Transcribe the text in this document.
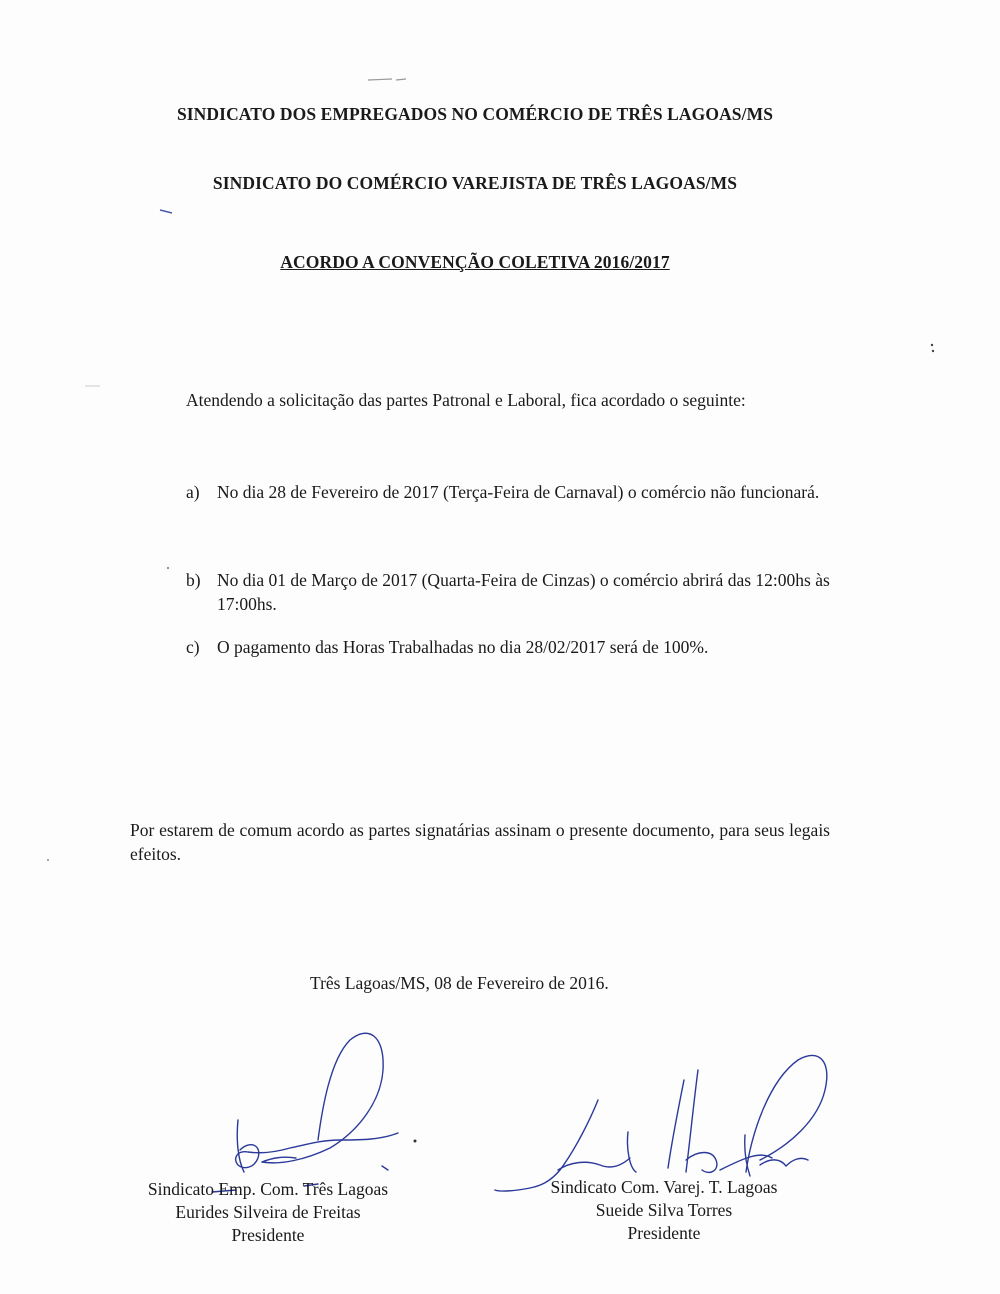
SINDICATO DOS EMPREGADOS NO COMÉRCIO DE TRÊS LAGOAS/MS
SINDICATO DO COMÉRCIO VAREJISTA DE TRÊS LAGOAS/MS
ACORDO A CONVENÇÃO COLETIVA 2016/2017
Atendendo a solicitação das partes Patronal e Laboral, fica acordado o seguinte:
a) No dia 28 de Fevereiro de 2017 (Terça-Feira de Carnaval) o comércio não funcionará.
b) No dia 01 de Março de 2017 (Quarta-Feira de Cinzas) o comércio abrirá das 12:00hs às 17:00hs.
c) O pagamento das Horas Trabalhadas no dia 28/02/2017 será de 100%.
Por estarem de comum acordo as partes signatárias assinam o presente documento, para seus legais efeitos.
Três Lagoas/MS, 08 de Fevereiro de 2016.
Sindicato Emp. Com. Três Lagoas
Eurides Silveira de Freitas
Presidente
Sindicato Com. Varej. T. Lagoas
Sueide Silva Torres
Presidente
